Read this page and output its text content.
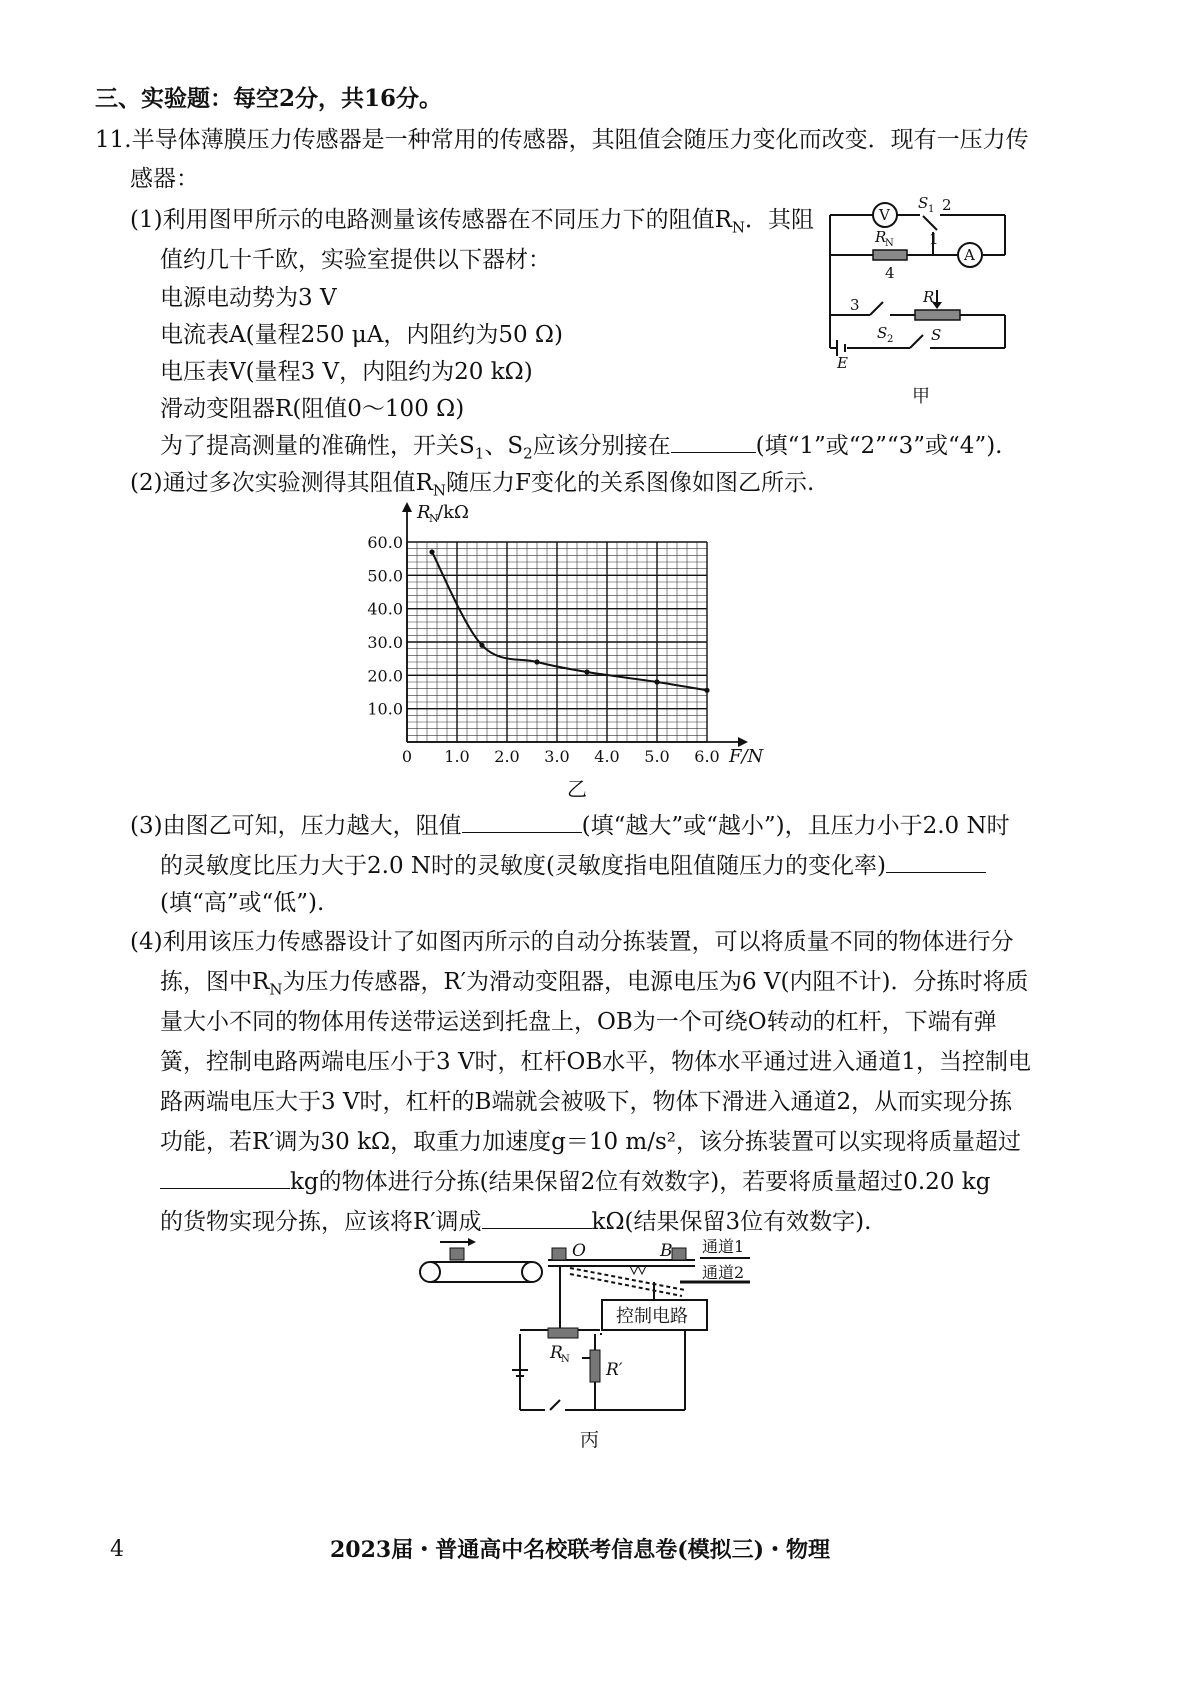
三、实验题：每空2分，共16分。
11.半导体薄膜压力传感器是一种常用的传感器，其阻值会随压力变化而改变．现有一压力传
感器：
(1)利用图甲所示的电路测量该传感器在不同压力下的阻值$R_N$．其阻
值约几十千欧，实验室提供以下器材：
电源电动势为3 V
电流表A(量程250 μA，内阻约为50 Ω)
电压表V(量程3 V，内阻约为20 kΩ)
滑动变阻器R(阻值0～100 Ω)
为了提高测量的准确性，开关$S_1$、$S_2$应该分别接在	(填“1”或“2”“3”或“4”).
V
A
S 1 2
1
R
N
4
3	R
S 2	S
E
甲
(2)通过多次实验测得其阻值$R_N$随压力F变化的关系图像如图乙所示.
R
N
/kΩ
F/N
乙
0 1.0 2.0 3.0 4.0 5.0 6.0
10.0
20.0
30.0
40.0
50.0
60.0
(3)由图乙可知，压力越大，阻值	(填“越大”或“越小”)，且压力小于2.0 N时
的灵敏度比压力大于2.0 N时的灵敏度(灵敏度指电阻值随压力的变化率)
(填“高”或“低”).
(4)利用该压力传感器设计了如图丙所示的自动分拣装置，可以将质量不同的物体进行分
拣，图中$R_N$为压力传感器，R′为滑动变阻器，电源电压为6 V(内阻不计)．分拣时将质
量大小不同的物体用传送带运送到托盘上，OB为一个可绕O转动的杠杆，下端有弹
簧，控制电路两端电压小于3 V时，杠杆OB水平，物体水平通过进入通道1，当控制电
路两端电压大于3 V时，杠杆的B端就会被吸下，物体下滑进入通道2，从而实现分拣
功能，若R′调为30 kΩ，取重力加速度g＝10 m/s²，该分拣装置可以实现将质量超过
kg的物体进行分拣(结果保留2位有效数字)，若要将质量超过0.20 kg
的货物实现分拣，应该将R′调成	kΩ(结果保留3位有效数字).
O	B 通道1
通道2
控制电路
R
N
R′
丙
4	2023届・普通高中名校联考信息卷(模拟三)・物理
